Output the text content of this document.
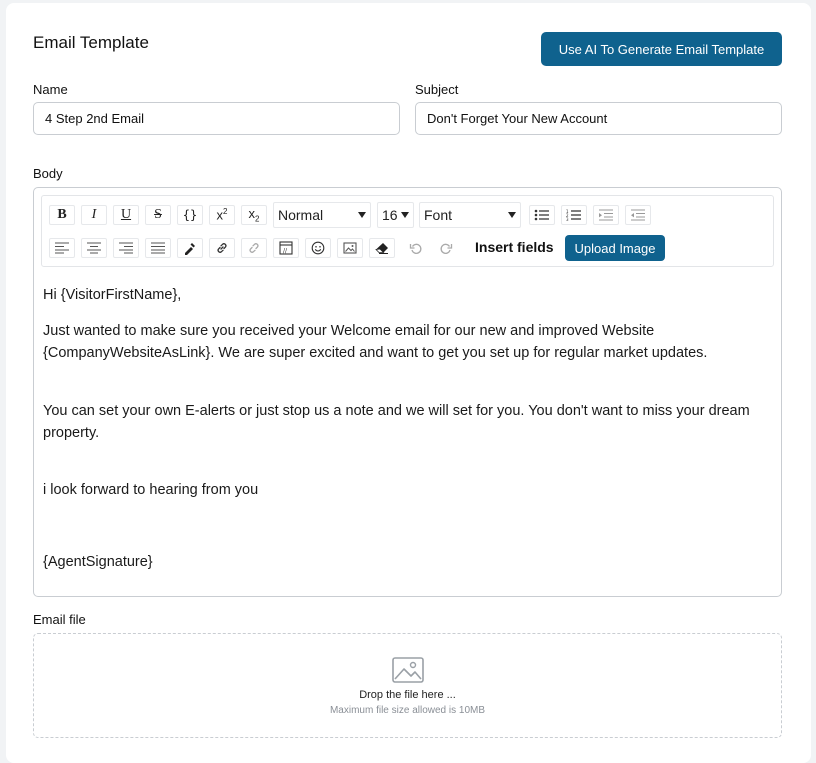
Email Template	Use AI To Generate Email Template
Name
4 Step 2nd Email	Subject
Don't Forget Your New Account
Body
B I U S {} $x^2$ $x_2$ Normal	16 Font	1
2
3
//	Insert fields	Upload Image

Hi {VisitorFirstName},

Just wanted to make sure you received your Welcome email for our new and improved Website {CompanyWebsiteAsLink}. We are super excited and want to get you set up for regular market updates.

You can set your own E-alerts or just stop us a note and we will set for you. You don't want to miss your dream property.

i look forward to hearing from you

{AgentSignature}

Email file
Drop the file here ...
Maximum file size allowed is 10MB
